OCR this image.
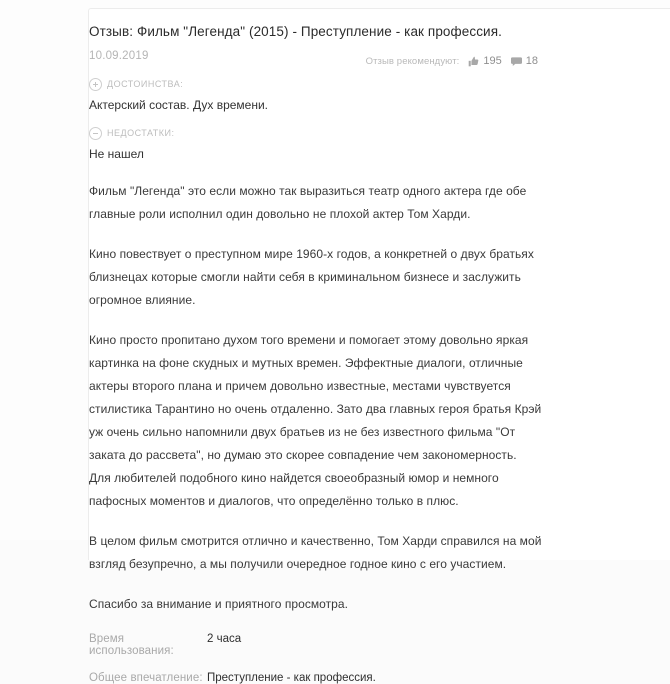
Отзыв: Фильм "Легенда" (2015) - Преступление - как профессия.
10.09.2019	Отзыв рекомендуют: 195 18
ДОСТОИНСТВА:
Актерский состав. Дух времени.
НЕДОСТАТКИ:
Не нашел

Фильм "Легенда" это если можно так выразиться театр одного актера где обе главные роли исполнил один довольно не плохой актер Том Харди.

Кино повествует о преступном мире 1960-х годов, а конкретней о двух братьях близнецах которые смогли найти себя в криминальном бизнесе и заслужить огромное влияние.

Кино просто пропитано духом того времени и помогает этому довольно яркая картинка на фоне скудных и мутных времен. Эффектные диалоги, отличные актеры второго плана и причем довольно известные, местами чувствуется стилистика Тарантино но очень отдаленно. Зато два главных героя братья Крэй уж очень сильно напомнили двух братьев из не без известного фильма "От заката до рассвета", но думаю это скорее совпадение чем закономерность.

Для любителей подобного кино найдется своеобразный юмор и немного пафосных моментов и диалогов, что определённо только в плюс.

В целом фильм смотрится отлично и качественно, Том Харди справился на мой взгляд безупречно, а мы получили очередное годное кино с его участием.

Спасибо за внимание и приятного просмотра.

Время использования:
2 часа
Общее впечатление: Преступление - как профессия.
